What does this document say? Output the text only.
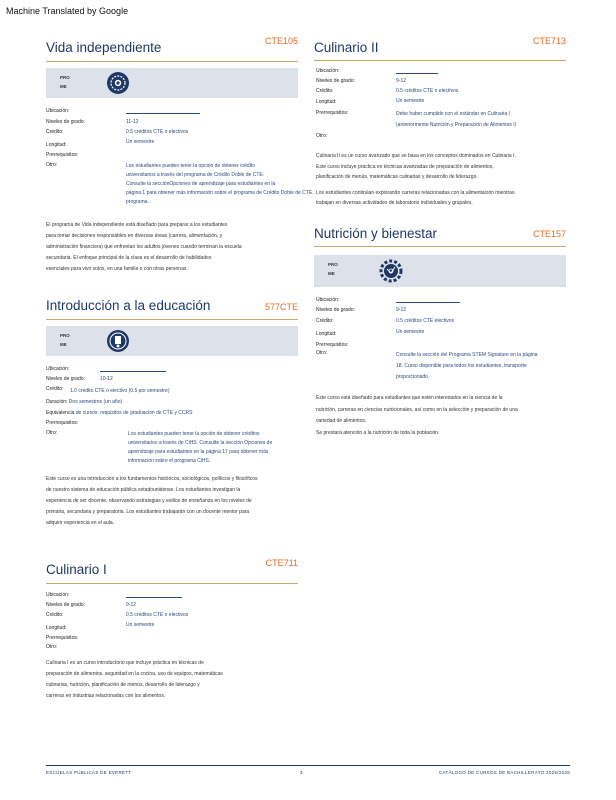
Machine Translated by Google
Vida independiente	CTE105
PRO
ME
Ubicación:
Niveles de grado:	11-12
Crédito:	0.5 créditos CTE o electivos
Longitud:	Un semestre
Prerrequisitos:
Otro:	Los estudiantes pueden tener la opción de obtener crédito
universitarios a través del programa de Crédito Doble de CTE.
Consulte la secciónOpciones de aprendizaje para estudiantes en la
página 1 para obtener más información sobre el programa de Crédito Doble de CTE.
programa.
El programa de Vida independiente está diseñado para preparar a los estudiantes
para tomar decisiones responsables en diversas áreas (carrera, alimentación, y
administración financiera) que enfrentan los adultos jóvenes cuando terminan la escuela
secundaria. El enfoque principal de la clase es el desarrollo de habilidades
esenciales para vivir solos, en una familia o con otras personas.
Introducción a la educación	577CTE
PRO
ME
Ubicación:
Niveles de grado:	10-12
Crédito: 1.0 crédito CTE o electivo (0.5 por semestre)
Duración: Dos semestres (un año)
Equivalencia de cursos: requisitos de graduación de CTE y CCRS
Prerrequisitos:
Otro:	Los estudiantes pueden tener la opción de obtener créditos
universitarios a través de CiHS. Consulte la sección Opciones de
aprendizaje para estudiantes en la página 17 para obtener más
información sobre el programa CiHS.
Este curso es una introducción a los fundamentos históricos, sociológicos, políticos y filosóficos
de nuestro sistema de educación pública estadounidense. Los estudiantes investigan la
experiencia de ser docente, observando estrategias y estilos de enseñanza en los niveles de
primaria, secundaria y preparatoria. Los estudiantes trabajarán con un docente mentor para
adquirir experiencia en el aula.
Culinario I	CTE711
Ubicación:
Niveles de grado:	9-12
Crédito:	0.5 créditos CTE o electivos
Longitud:	Un semestre
Prerrequisitos:
Otro:
Culinaria I es un curso introductorio que incluye práctica en técnicas de
preparación de alimentos, seguridad en la cocina, uso de equipos, matemáticas
culinarias, nutrición, planificación de menús, desarrollo de liderazgo y
carreras en industrias relacionadas con los alimentos.
Culinario II	CTE713
Ubicación:
Niveles de grado:	9-12
Crédito:	0.5 créditos CTE o electivos
Longitud:	Un semestre
Prerrequisitos:	Debe haber cumplido con el estándar en Culinaria I
(anteriormente Nutrición y Preparación de Alimentos I)
Otro:
Culinaria II es un curso avanzado que se basa en los conceptos dominados en Culinaria I.
Este curso incluye práctica en técnicas avanzadas de preparación de alimentos,
planificación de menús, matemáticas culinarias y desarrollo de liderazgo.
Los estudiantes continúan explorando carreras relacionadas con la alimentación mientras
trabajan en diversas actividades de laboratorio individuales y grupales.
Nutrición y bienestar	CTE157
PRO
ME
Ubicación:
Niveles de grado:	9-12
Crédito:	0.5 créditos CTE electivos
Longitud:	Un semestre
Prerrequisitos:
Otro:	Consulte la sección del Programa STEM Signature en la página
18. Curso disponible para todos los estudiantes, transporte
proporcionado.
Este curso está diseñado para estudiantes que estén interesados en la ciencia de la
nutrición, carreras en ciencias nutricionales, así como en la selección y preparación de una
variedad de alimentos.
Se prestará atención a la nutrición de toda la población.
ESCUELAS PÚBLICAS DE EVERETT	3	CATÁLOGO DE CURSOS DE BACHILLERATO 2025/2026
